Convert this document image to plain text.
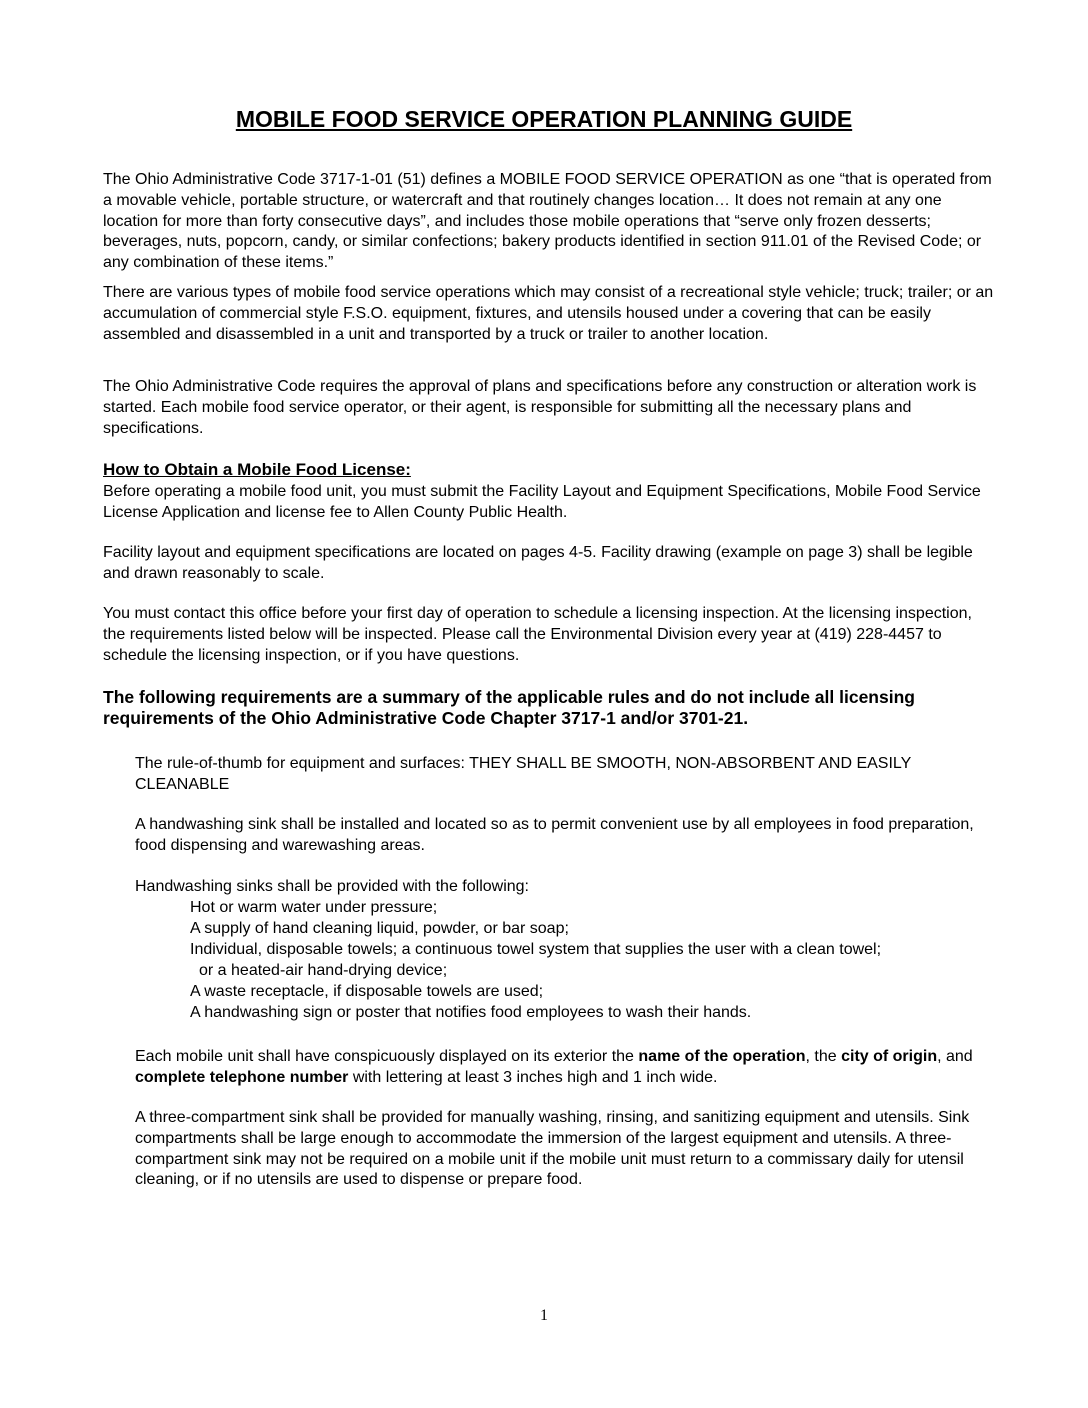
MOBILE FOOD SERVICE OPERATION PLANNING GUIDE

The Ohio Administrative Code 3717-1-01 (51) defines a MOBILE FOOD SERVICE OPERATION as one “that is operated from a movable vehicle, portable structure, or watercraft and that routinely changes location… It does not remain at any one location for more than forty consecutive days”, and includes those mobile operations that “serve only frozen desserts; beverages, nuts, popcorn, candy, or similar confections; bakery products identified in section 911.01 of the Revised Code; or any combination of these items.”

There are various types of mobile food service operations which may consist of a recreational style vehicle; truck; trailer; or an accumulation of commercial style F.S.O. equipment, fixtures, and utensils housed under a covering that can be easily assembled and disassembled in a unit and transported by a truck or trailer to another location.

The Ohio Administrative Code requires the approval of plans and specifications before any construction or alteration work is started. Each mobile food service operator, or their agent, is responsible for submitting all the necessary plans and specifications.

How to Obtain a Mobile Food License:

Before operating a mobile food unit, you must submit the Facility Layout and Equipment Specifications, Mobile Food Service License Application and license fee to Allen County Public Health.

Facility layout and equipment specifications are located on pages 4-5. Facility drawing (example on page 3) shall be legible and drawn reasonably to scale.

You must contact this office before your first day of operation to schedule a licensing inspection. At the licensing inspection, the requirements listed below will be inspected. Please call the Environmental Division every year at (419) 228-4457 to schedule the licensing inspection, or if you have questions.

The following requirements are a summary of the applicable rules and do not include all licensing requirements of the Ohio Administrative Code Chapter 3717-1 and/or 3701-21.

The rule-of-thumb for equipment and surfaces: THEY SHALL BE SMOOTH, NON-ABSORBENT AND EASILY CLEANABLE

A handwashing sink shall be installed and located so as to permit convenient use by all employees in food preparation, food dispensing and warewashing areas.

Handwashing sinks shall be provided with the following:

Hot or warm water under pressure;
A supply of hand cleaning liquid, powder, or bar soap;
Individual, disposable towels; a continuous towel system that supplies the user with a clean towel;
or a heated-air hand-drying device;
A waste receptacle, if disposable towels are used;
A handwashing sign or poster that notifies food employees to wash their hands.

Each mobile unit shall have conspicuously displayed on its exterior the name of the operation, the city of origin, and complete telephone number with lettering at least 3 inches high and 1 inch wide.

A three-compartment sink shall be provided for manually washing, rinsing, and sanitizing equipment and utensils. Sink compartments shall be large enough to accommodate the immersion of the largest equipment and utensils. A three-compartment sink may not be required on a mobile unit if the mobile unit must return to a commissary daily for utensil cleaning, or if no utensils are used to dispense or prepare food.

1
